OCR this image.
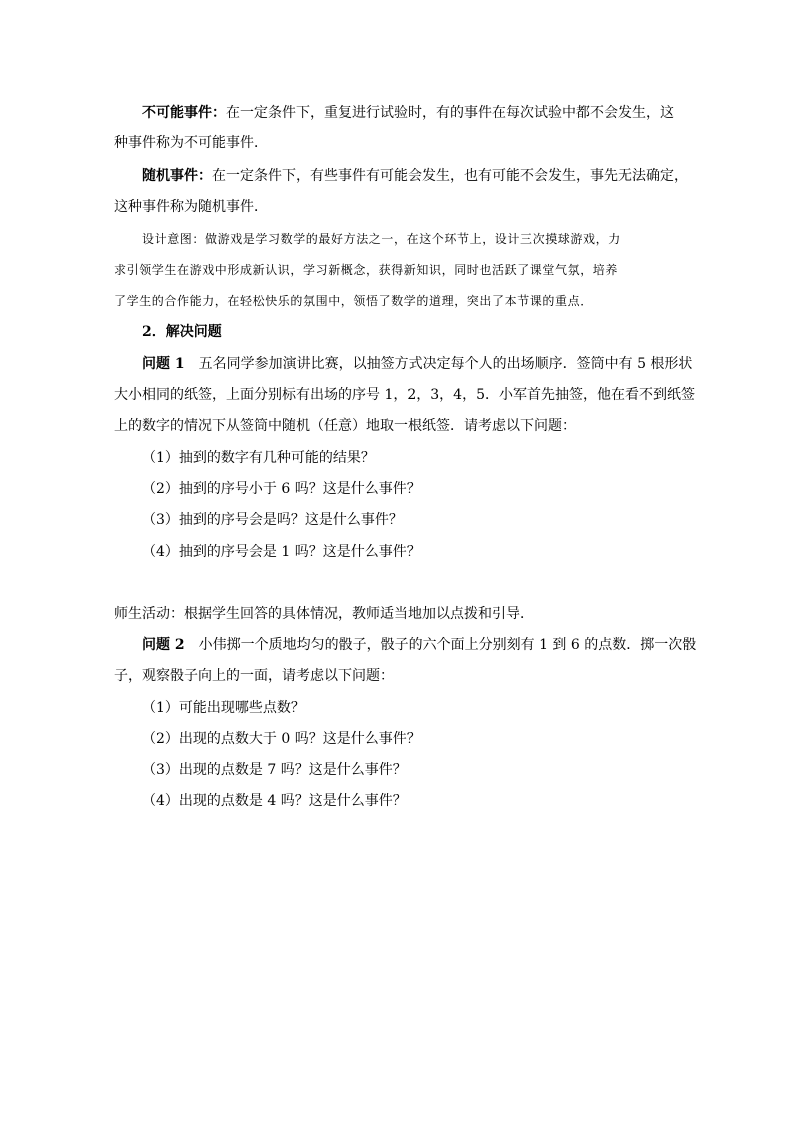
不可能事件：在一定条件下，重复进行试验时，有的事件在每次试验中都不会发生，这
种事件称为不可能事件．
随机事件：在一定条件下，有些事件有可能会发生，也有可能不会发生，事先无法确定，
这种事件称为随机事件．
设计意图：做游戏是学习数学的最好方法之一，在这个环节上，设计三次摸球游戏，力
求引领学生在游戏中形成新认识，学习新概念，获得新知识，同时也活跃了课堂气氛，培养
了学生的合作能力，在轻松快乐的氛围中，领悟了数学的道理，突出了本节课的重点．
2．解决问题
问题 1 五名同学参加演讲比赛，以抽签方式决定每个人的出场顺序．签筒中有 5 根形状
大小相同的纸签，上面分别标有出场的序号 1，2，3，4，5．小军首先抽签，他在看不到纸签
上的数字的情况下从签筒中随机（任意）地取一根纸签．请考虑以下问题：
（1）抽到的数字有几种可能的结果？
（2）抽到的序号小于 6 吗？这是什么事件？
（3）抽到的序号会是吗？这是什么事件？
（4）抽到的序号会是 1 吗？这是什么事件？
师生活动：根据学生回答的具体情况，教师适当地加以点拨和引导．
问题 2 小伟掷一个质地均匀的骰子，骰子的六个面上分别刻有 1 到 6 的点数．掷一次骰
子，观察骰子向上的一面，请考虑以下问题：
（1）可能出现哪些点数？
（2）出现的点数大于 0 吗？这是什么事件？
（3）出现的点数是 7 吗？这是什么事件？
（4）出现的点数是 4 吗？这是什么事件？
